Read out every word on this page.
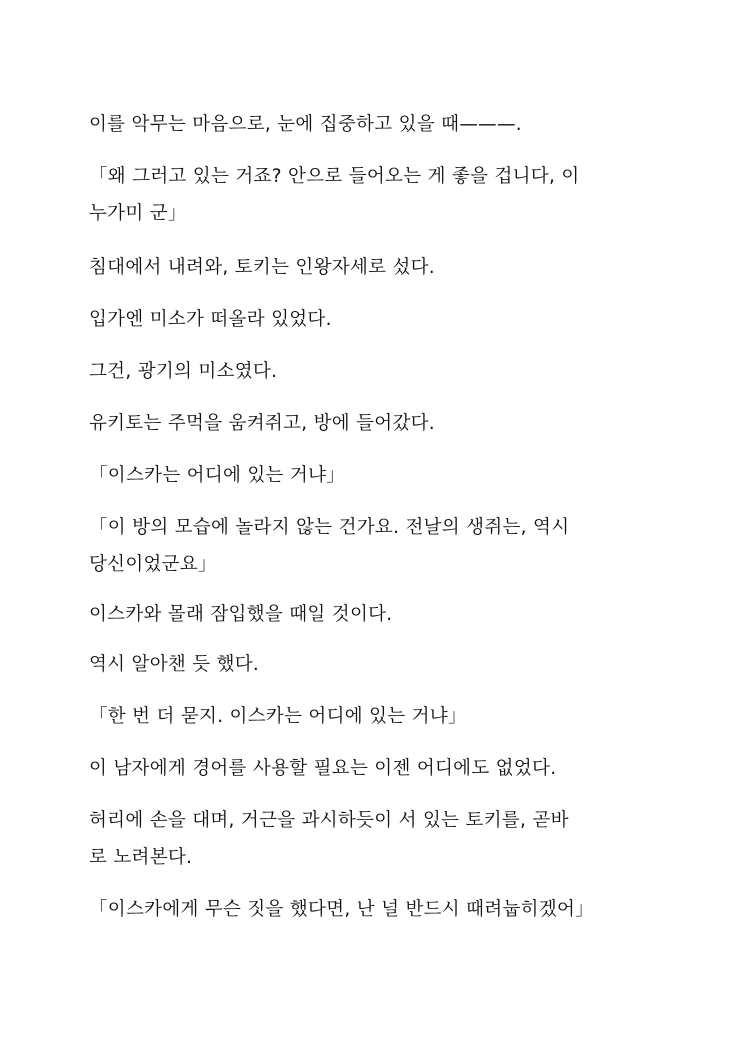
이를 악무는 마음으로, 눈에 집중하고 있을 때———.

「왜 그러고 있는 거죠? 안으로 들어오는 게 좋을 겁니다, 이
누가미 군」

침대에서 내려와, 토키는 인왕자세로 섰다.

입가엔 미소가 떠올라 있었다.

그건, 광기의 미소였다.

유키토는 주먹을 움켜쥐고, 방에 들어갔다.

「이스카는 어디에 있는 거냐」

「이 방의 모습에 놀라지 않는 건가요. 전날의 생쥐는, 역시
당신이었군요」

이스카와 몰래 잠입했을 때일 것이다.

역시 알아챈 듯 했다.

「한 번 더 묻지. 이스카는 어디에 있는 거냐」

이 남자에게 경어를 사용할 필요는 이젠 어디에도 없었다.

허리에 손을 대며, 거근을 과시하듯이 서 있는 토키를, 곧바
로 노려본다.

「이스카에게 무슨 짓을 했다면, 난 널 반드시 때려눕히겠어」
